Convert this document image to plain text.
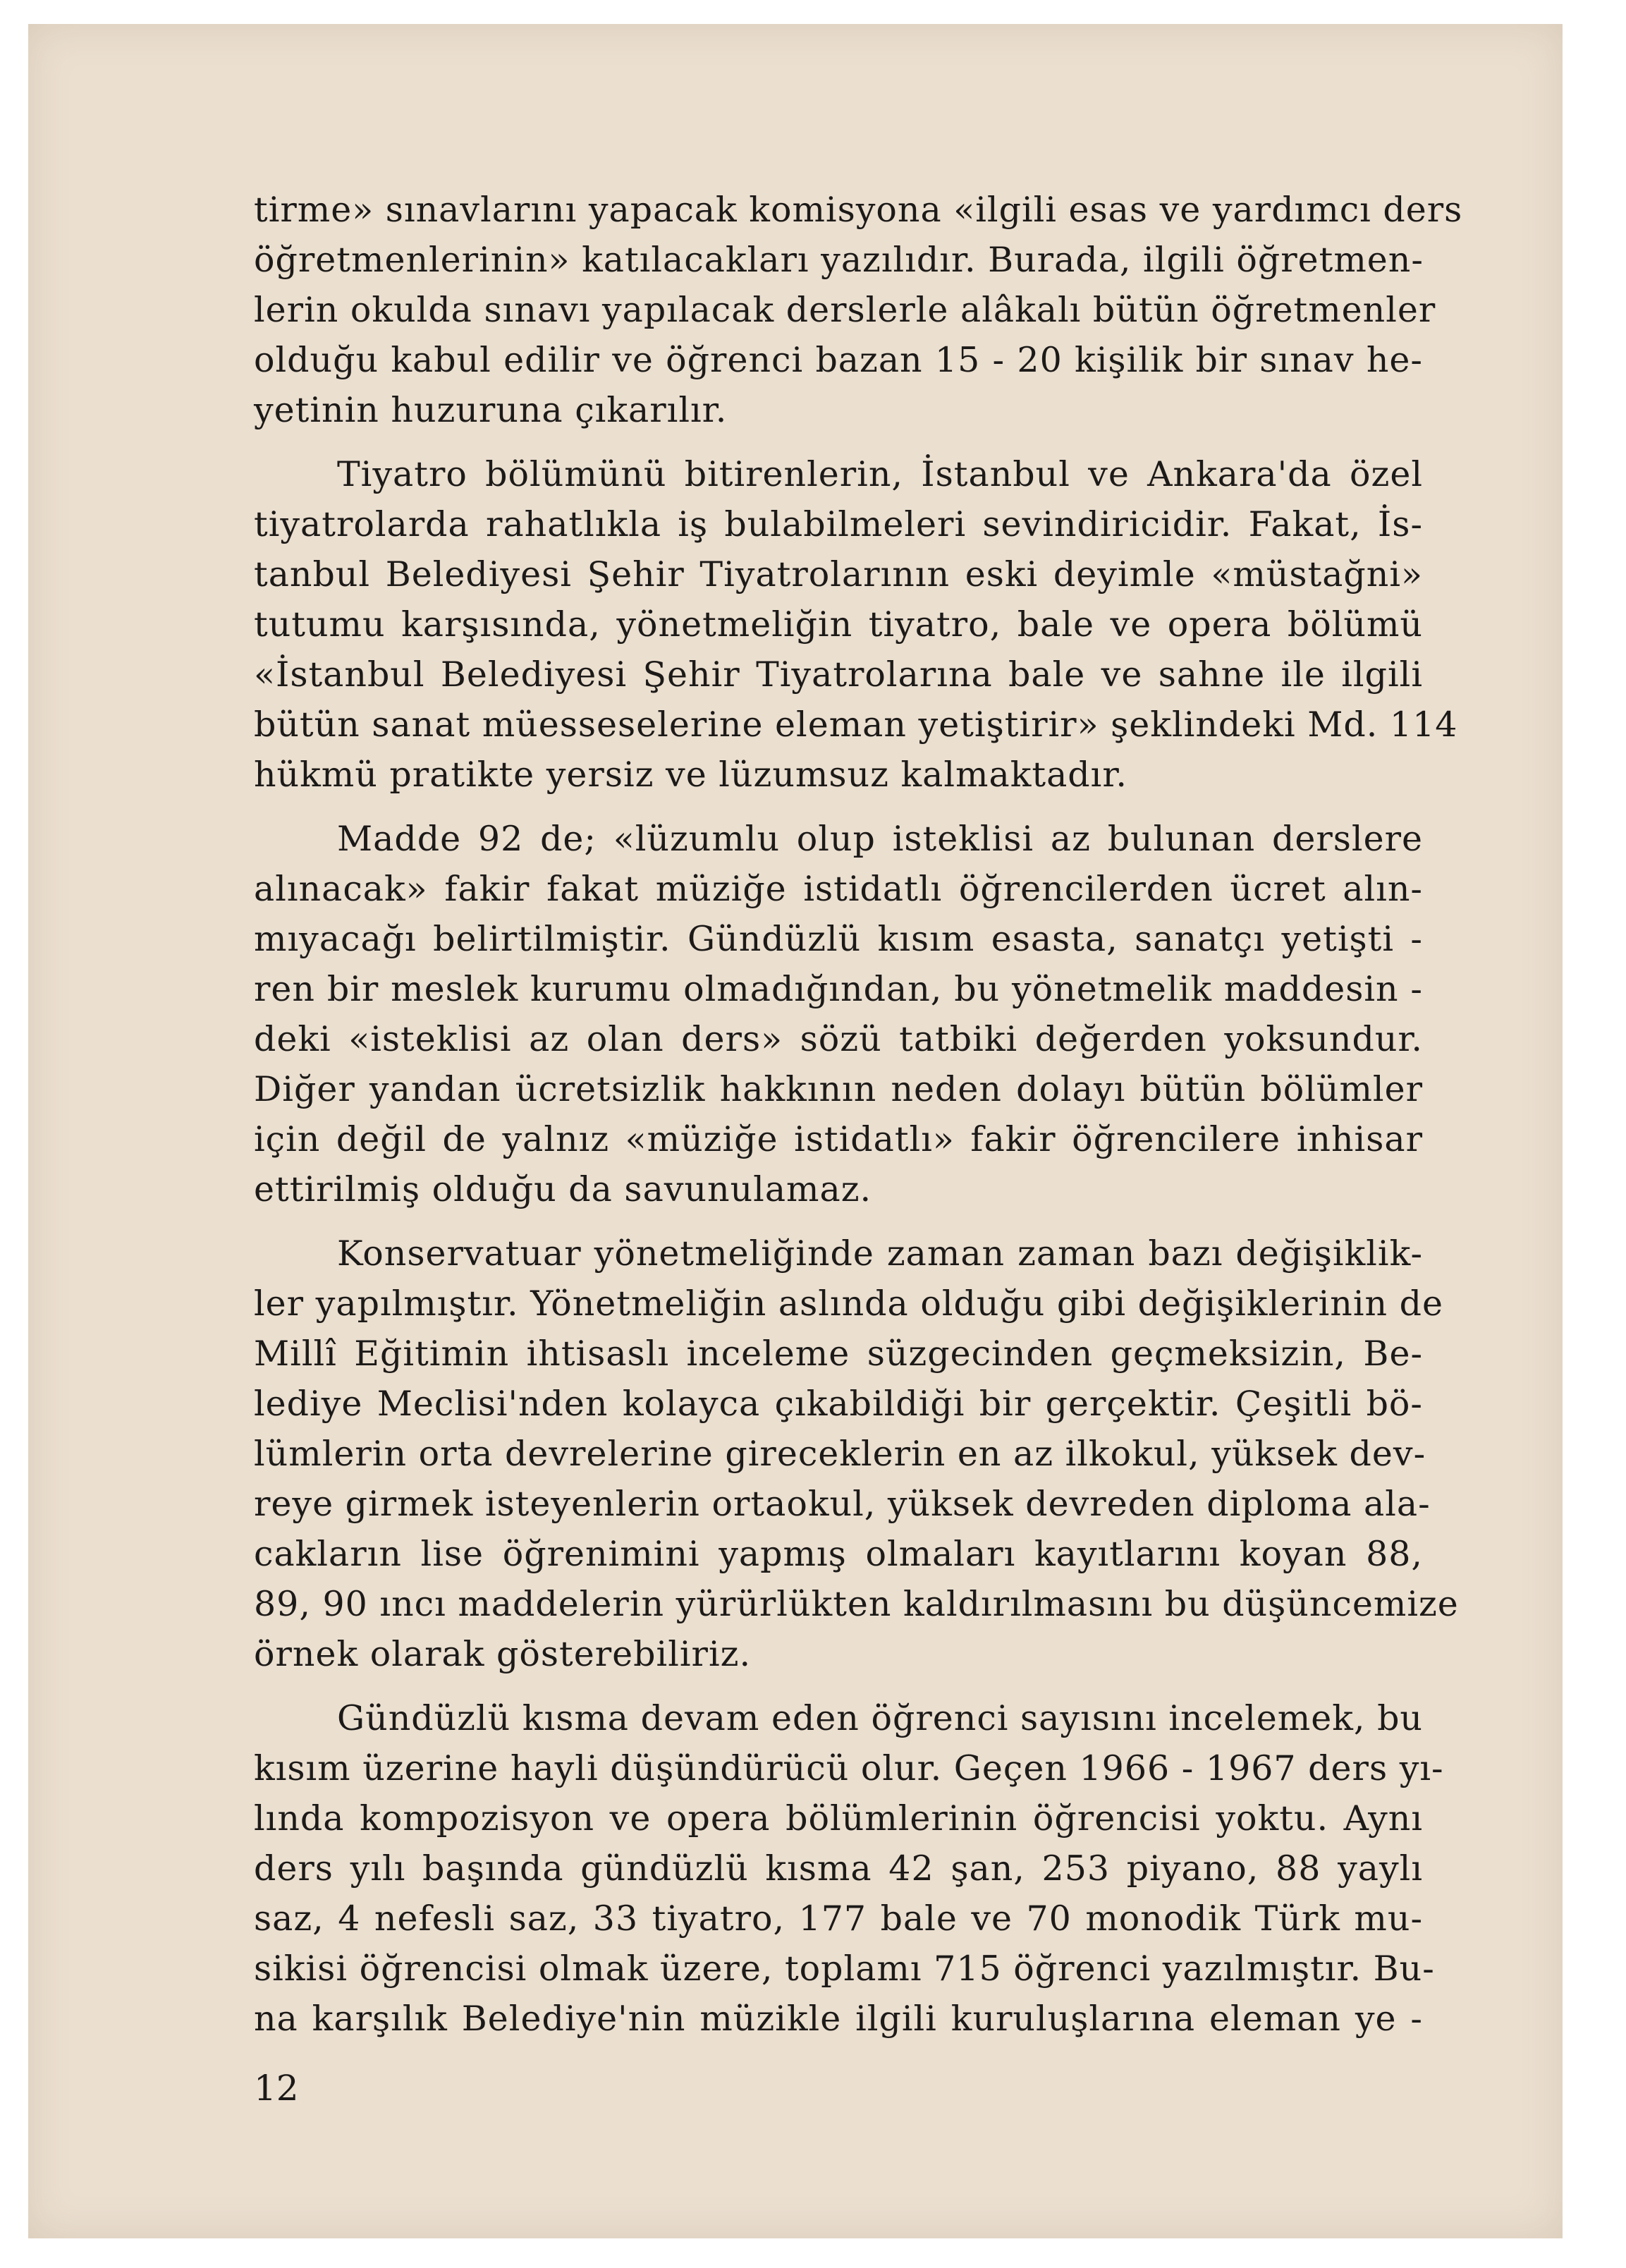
tirme» sınavlarını yapacak komisyona «ilgili esas ve yardımcı ders
öğretmenlerinin» katılacakları yazılıdır. Burada, ilgili öğretmen-
lerin okulda sınavı yapılacak derslerle alâkalı bütün öğretmenler
olduğu kabul edilir ve öğrenci bazan 15 - 20 kişilik bir sınav he-
yetinin huzuruna çıkarılır.

Tiyatro bölümünü bitirenlerin, İstanbul ve Ankara'da özel
tiyatrolarda rahatlıkla iş bulabilmeleri sevindiricidir. Fakat, İs-
tanbul Belediyesi Şehir Tiyatrolarının eski deyimle «müstağni»
tutumu karşısında, yönetmeliğin tiyatro, bale ve opera bölümü
«İstanbul Belediyesi Şehir Tiyatrolarına bale ve sahne ile ilgili
bütün sanat müesseselerine eleman yetiştirir» şeklindeki Md. 114
hükmü pratikte yersiz ve lüzumsuz kalmaktadır.

Madde 92 de; «lüzumlu olup isteklisi az bulunan derslere
alınacak» fakir fakat müziğe istidatlı öğrencilerden ücret alın-
mıyacağı belirtilmiştir. Gündüzlü kısım esasta, sanatçı yetişti -
ren bir meslek kurumu olmadığından, bu yönetmelik maddesin -
deki «isteklisi az olan ders» sözü tatbiki değerden yoksundur.
Diğer yandan ücretsizlik hakkının neden dolayı bütün bölümler
için değil de yalnız «müziğe istidatlı» fakir öğrencilere inhisar
ettirilmiş olduğu da savunulamaz.

Konservatuar yönetmeliğinde zaman zaman bazı değişiklik-
ler yapılmıştır. Yönetmeliğin aslında olduğu gibi değişiklerinin de
Millî Eğitimin ihtisaslı inceleme süzgecinden geçmeksizin, Be-
lediye Meclisi'nden kolayca çıkabildiği bir gerçektir. Çeşitli bö-
lümlerin orta devrelerine gireceklerin en az ilkokul, yüksek dev-
reye girmek isteyenlerin ortaokul, yüksek devreden diploma ala-
cakların lise öğrenimini yapmış olmaları kayıtlarını koyan 88,
89, 90 ıncı maddelerin yürürlükten kaldırılmasını bu düşüncemize
örnek olarak gösterebiliriz.

Gündüzlü kısma devam eden öğrenci sayısını incelemek, bu
kısım üzerine hayli düşündürücü olur. Geçen 1966 - 1967 ders yı-
lında kompozisyon ve opera bölümlerinin öğrencisi yoktu. Aynı
ders yılı başında gündüzlü kısma 42 şan, 253 piyano, 88 yaylı
saz, 4 nefesli saz, 33 tiyatro, 177 bale ve 70 monodik Türk mu-
sikisi öğrencisi olmak üzere, toplamı 715 öğrenci yazılmıştır. Bu-
na karşılık Belediye'nin müzikle ilgili kuruluşlarına eleman ye -

12
